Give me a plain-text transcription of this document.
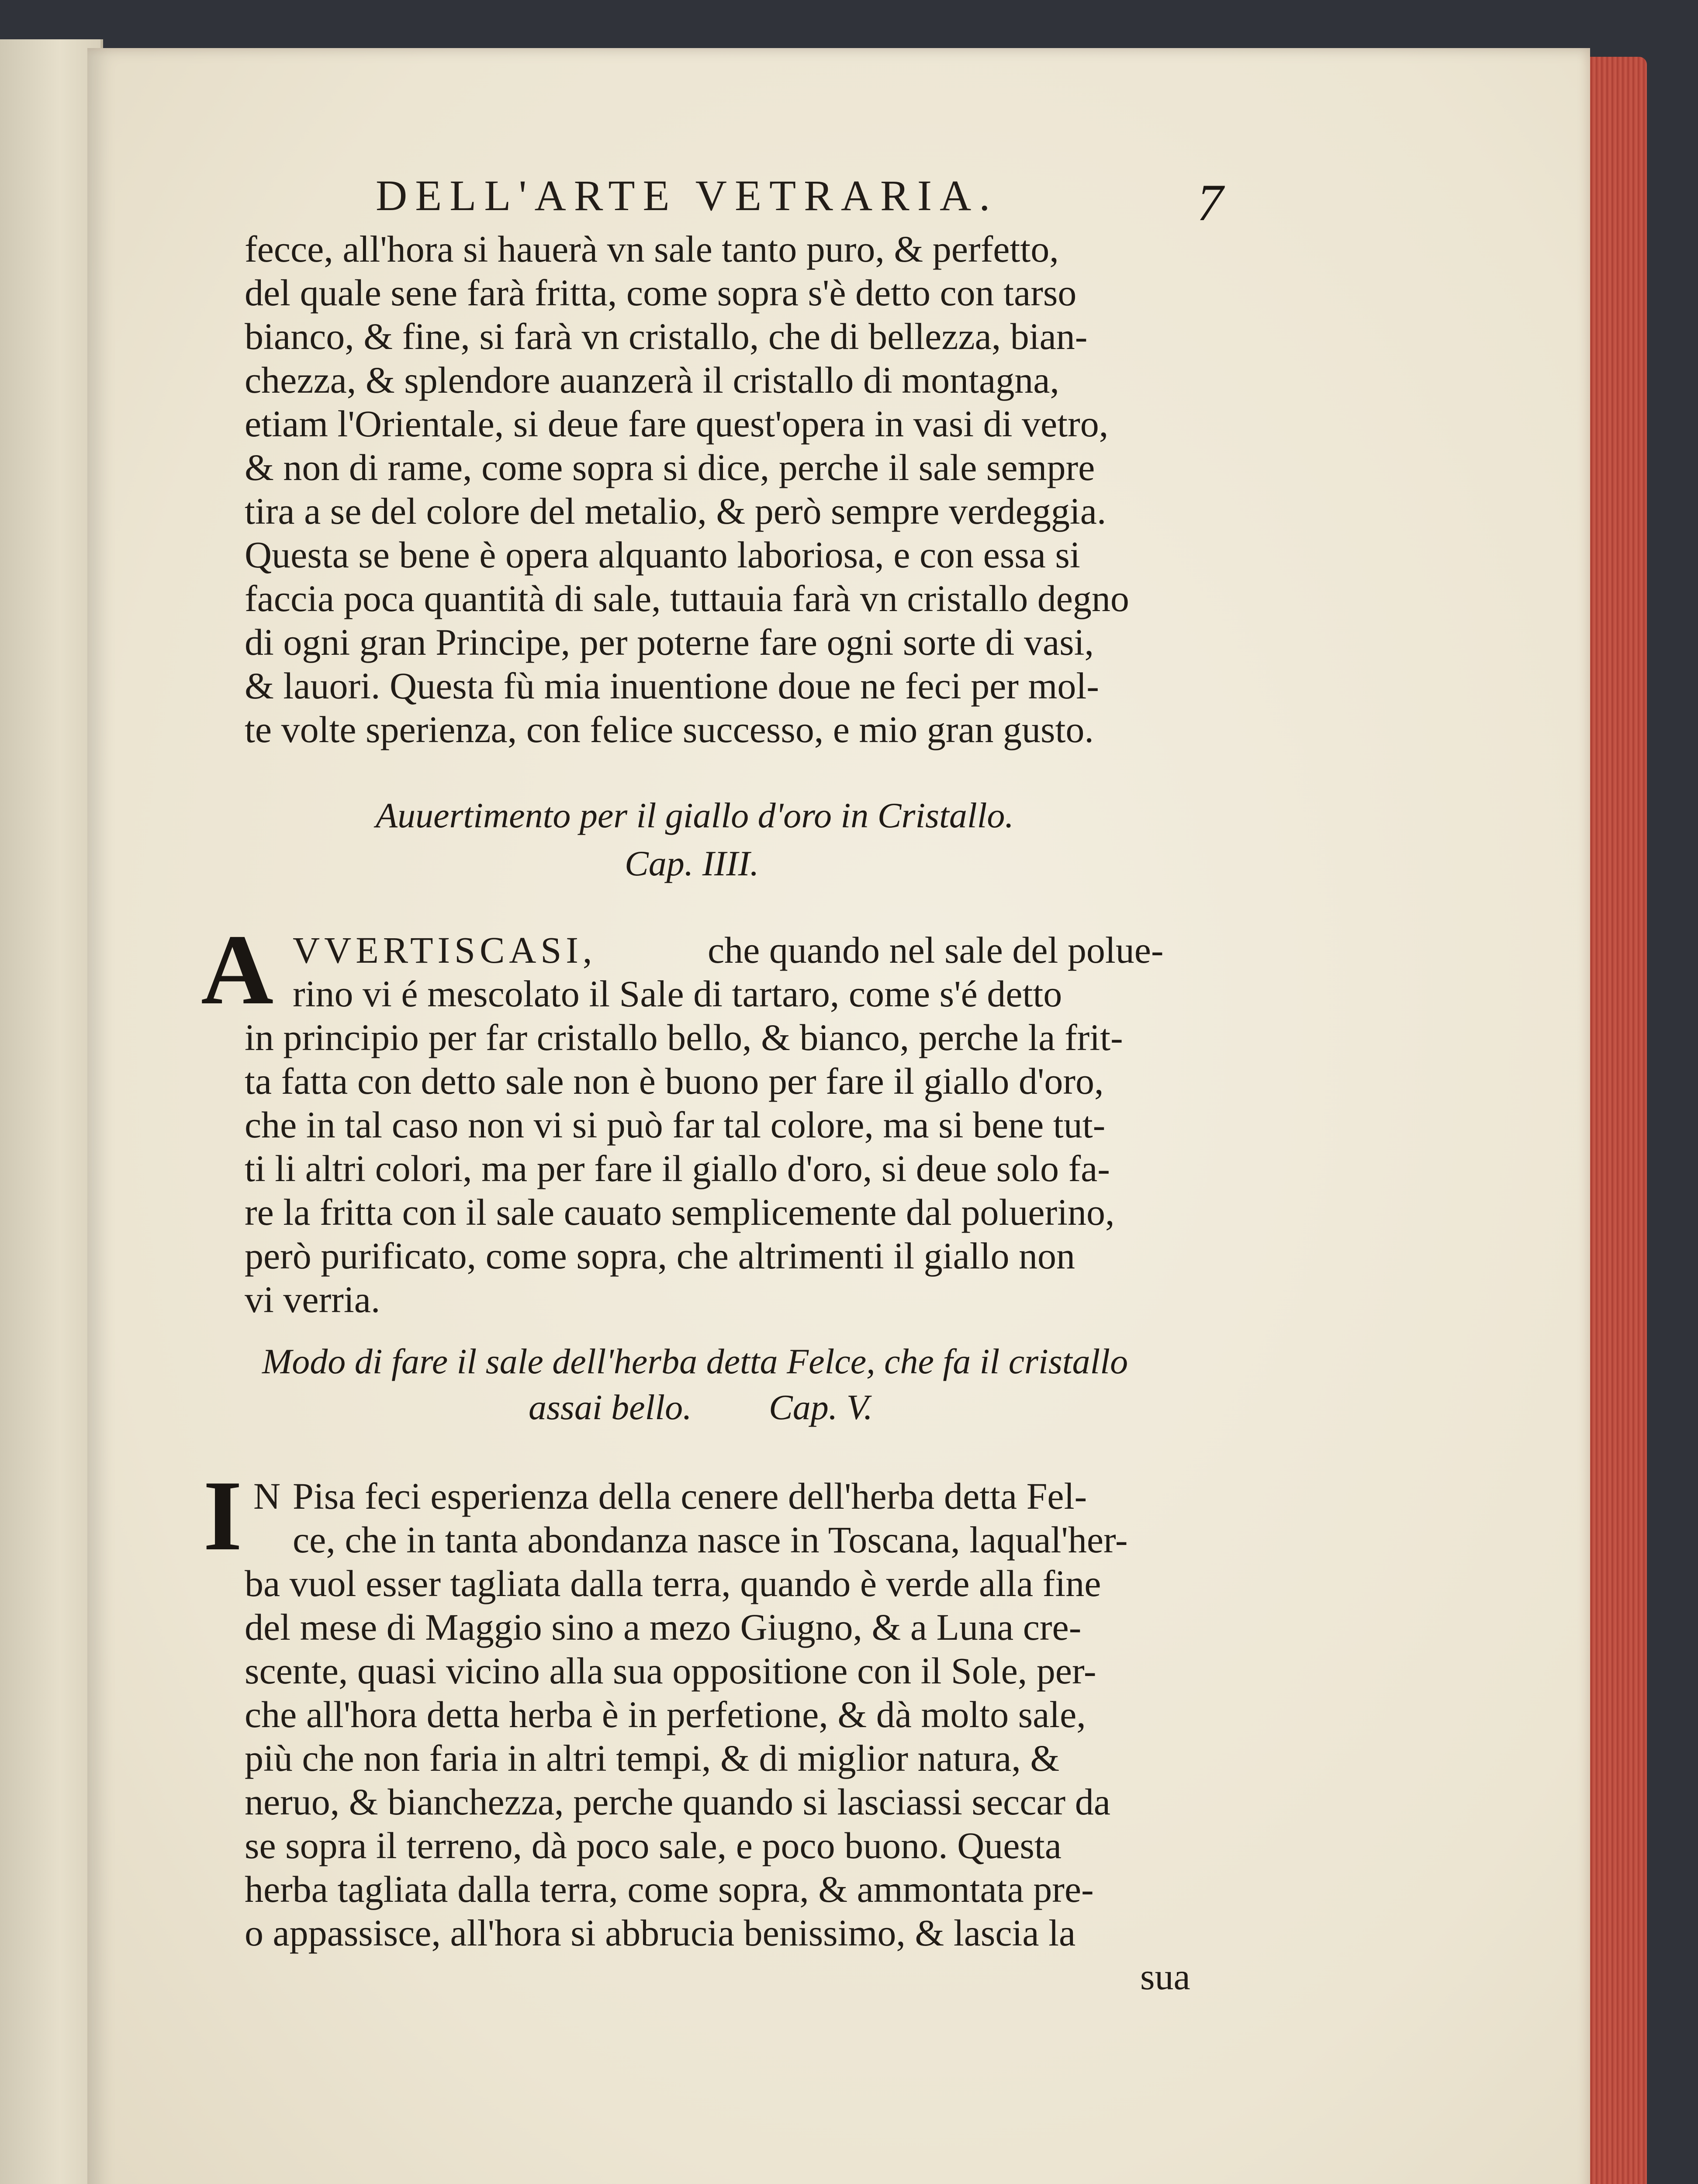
DELL'ARTE VETRARIA.	7
fecce, all'hora si hauerà vn sale tanto puro, & perfetto,
del quale sene farà fritta, come sopra s'è detto con tarso
bianco, & fine, si farà vn cristallo, che di bellezza, bian-
chezza, & splendore auanzerà il cristallo di montagna,
etiam l'Orientale, si deue fare quest'opera in vasi di vetro,
& non di rame, come sopra si dice, perche il sale sempre
tira a se del colore del metalio, & però sempre verdeggia.
Questa se bene è opera alquanto laboriosa, e con essa si
faccia poca quantità di sale, tuttauia farà vn cristallo degno
di ogni gran Principe, per poterne fare ogni sorte di vasi,
& lauori. Questa fù mia inuentione doue ne feci per mol-
te volte sperienza, con felice successo, e mio gran gusto.
Auuertimento per il giallo d'oro in Cristallo.
Cap. IIII.
A VVERTISCASI,	che quando nel sale del polue-
rino vi é mescolato il Sale di tartaro, come s'é detto
in principio per far cristallo bello, & bianco, perche la frit-
ta fatta con detto sale non è buono per fare il giallo d'oro,
che in tal caso non vi si può far tal colore, ma si bene tut-
ti li altri colori, ma per fare il giallo d'oro, si deue solo fa-
re la fritta con il sale cauato semplicemente dal poluerino,
però purificato, come sopra, che altrimenti il giallo non
vi verria.
Modo di fare il sale dell'herba detta Felce, che fa il cristallo
assai bello. Cap. V.
I N Pisa feci esperienza della cenere dell'herba detta Fel-
ce, che in tanta abondanza nasce in Toscana, laqual'her-
ba vuol esser tagliata dalla terra, quando è verde alla fine
del mese di Maggio sino a mezo Giugno, & a Luna cre-
scente, quasi vicino alla sua oppositione con il Sole, per-
che all'hora detta herba è in perfetione, & dà molto sale,
più che non faria in altri tempi, & di miglior natura, &
neruo, & bianchezza, perche quando si lasciassi seccar da
se sopra il terreno, dà poco sale, e poco buono. Questa
herba tagliata dalla terra, come sopra, & ammontata pre-
o appassisce, all'hora si abbrucia benissimo, & lascia la
sua
